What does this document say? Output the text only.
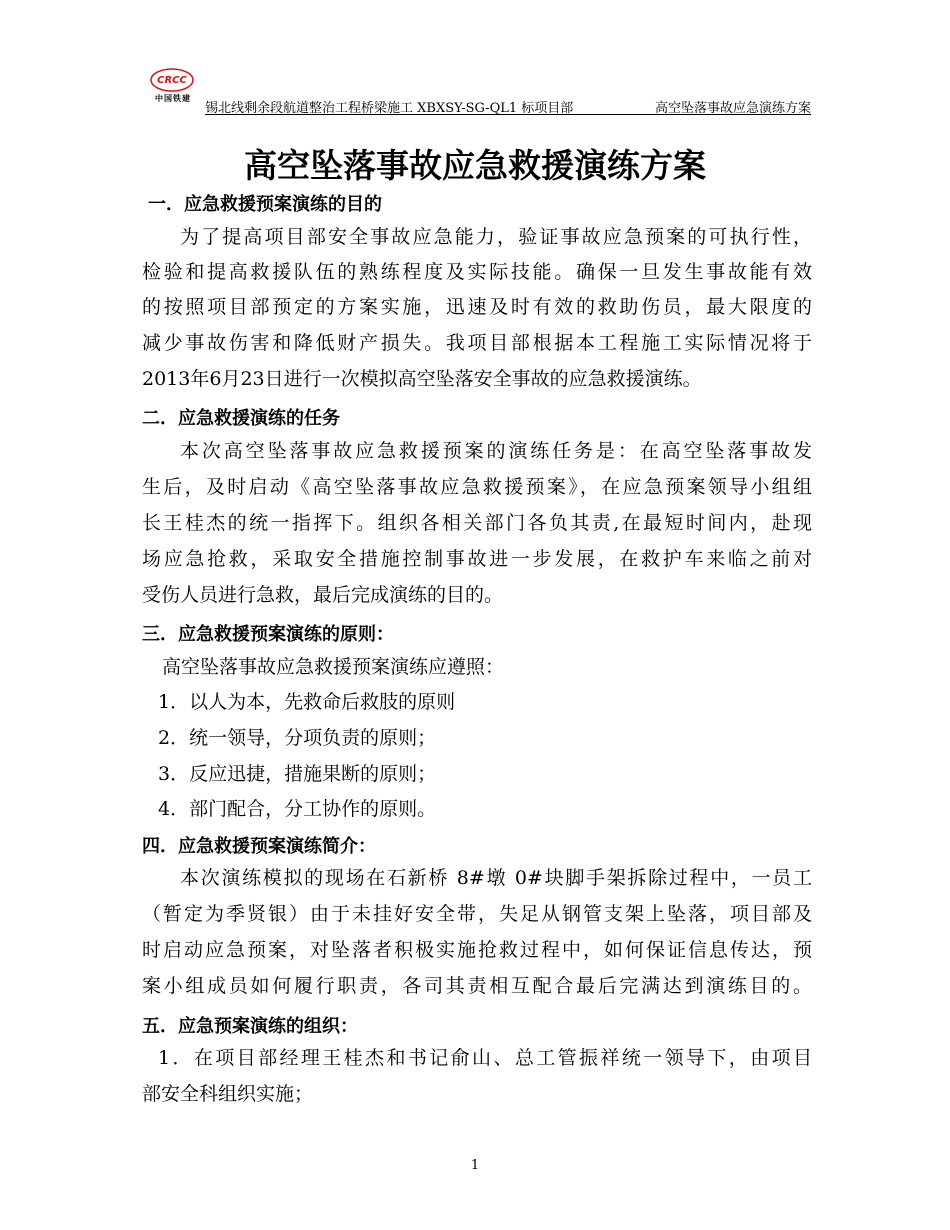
CRCC
中国铁建
锡北线剩余段航道整治工程桥梁施工 XBXSY-SG-QL1 标项目部	高空坠落事故应急演练方案
高空坠落事故应急救援演练方案
一．应急救援预案演练的目的
为了提高项目部安全事故应急能力，验证事故应急预案的可执行性，
检验和提高救援队伍的熟练程度及实际技能。确保一旦发生事故能有效
的按照项目部预定的方案实施，迅速及时有效的救助伤员，最大限度的
减少事故伤害和降低财产损失。我项目部根据本工程施工实际情况将于
2013年6月23日进行一次模拟高空坠落安全事故的应急救援演练。
二．应急救援演练的任务
本次高空坠落事故应急救援预案的演练任务是：在高空坠落事故发
生后，及时启动《高空坠落事故应急救援预案》，在应急预案领导小组组
长王桂杰的统一指挥下。组织各相关部门各负其责,在最短时间内，赴现
场应急抢救，采取安全措施控制事故进一步发展，在救护车来临之前对
受伤人员进行急救，最后完成演练的目的。
三．应急救援预案演练的原则：
高空坠落事故应急救援预案演练应遵照：
1．以人为本，先救命后救肢的原则
2．统一领导，分项负责的原则；
3．反应迅捷，措施果断的原则；
4．部门配合，分工协作的原则。
四．应急救援预案演练简介：
本次演练模拟的现场在石新桥 8#墩 0#块脚手架拆除过程中，一员工
（暂定为季贤银）由于未挂好安全带，失足从钢管支架上坠落，项目部及
时启动应急预案，对坠落者积极实施抢救过程中，如何保证信息传达，预
案小组成员如何履行职责，各司其责相互配合最后完满达到演练目的。
五．应急预案演练的组织：
1．在项目部经理王桂杰和书记俞山、总工管振祥统一领导下，由项目
部安全科组织实施；
1
